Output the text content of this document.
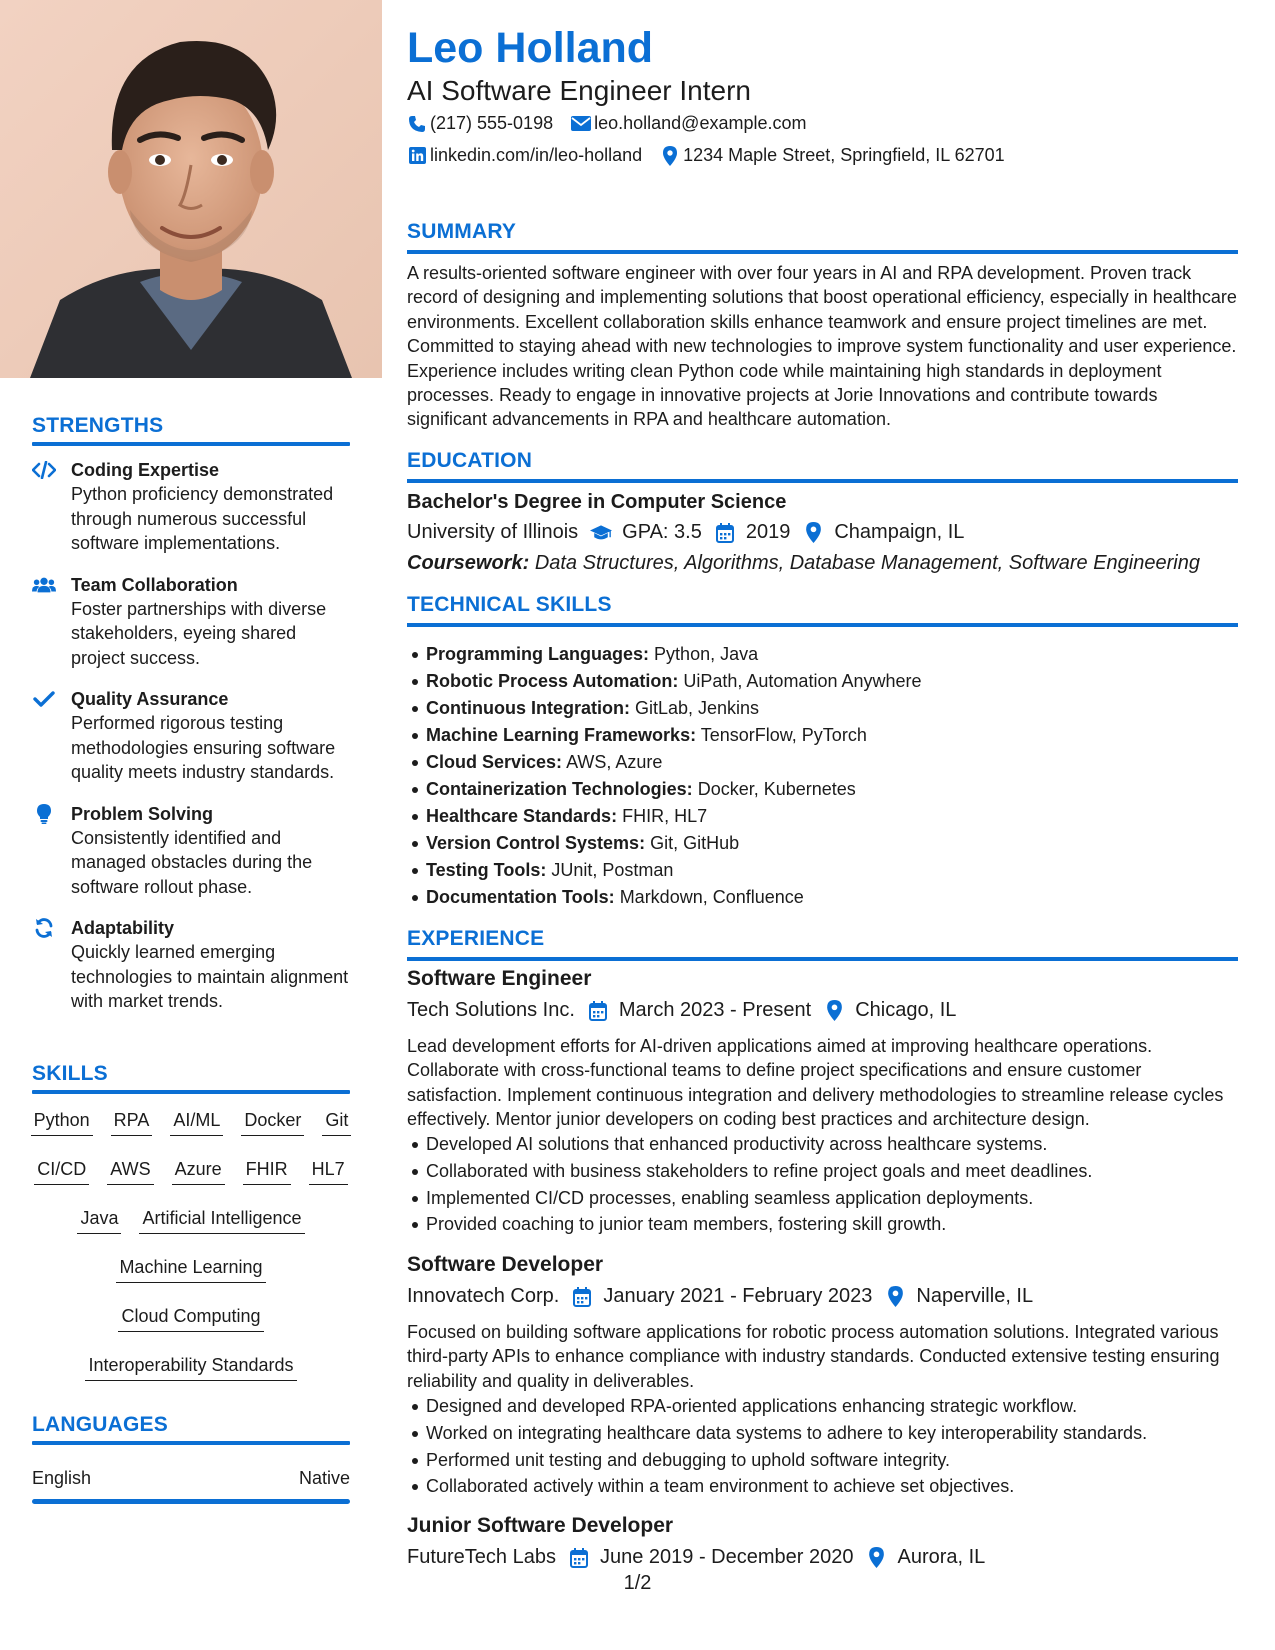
STRENGTHS
Coding Expertise
Python proficiency demonstrated through numerous successful software implementations.
Team Collaboration
Foster partnerships with diverse stakeholders, eyeing shared project success.
Quality Assurance
Performed rigorous testing methodologies ensuring software quality meets industry standards.
Problem Solving
Consistently identified and managed obstacles during the software rollout phase.
Adaptability
Quickly learned emerging technologies to maintain alignment with market trends.
SKILLS
Python RPA AI/ML Docker Git
CI/CD AWS Azure FHIR HL7
Java Artificial Intelligence
Machine Learning
Cloud Computing
Interoperability Standards
LANGUAGES
English	Native
Leo Holland
AI Software Engineer Intern
(217) 555-0198 leo.holland@example.com
linkedin.com/in/leo-holland 1234 Maple Street, Springfield, IL 62701
SUMMARY
A results-oriented software engineer with over four years in AI and RPA development. Proven track record of designing and implementing solutions that boost operational efficiency, especially in healthcare environments. Excellent collaboration skills enhance teamwork and ensure project timelines are met. Committed to staying ahead with new technologies to improve system functionality and user experience. Experience includes writing clean Python code while maintaining high standards in deployment processes. Ready to engage in innovative projects at Jorie Innovations and contribute towards significant advancements in RPA and healthcare automation.
EDUCATION
Bachelor's Degree in Computer Science
University of Illinois GPA: 3.5 2019 Champaign, IL
Coursework: Data Structures, Algorithms, Database Management, Software Engineering
TECHNICAL SKILLS
Programming Languages: Python, Java
Robotic Process Automation: UiPath, Automation Anywhere
Continuous Integration: GitLab, Jenkins
Machine Learning Frameworks: TensorFlow, PyTorch
Cloud Services: AWS, Azure
Containerization Technologies: Docker, Kubernetes
Healthcare Standards: FHIR, HL7
Version Control Systems: Git, GitHub
Testing Tools: JUnit, Postman
Documentation Tools: Markdown, Confluence
EXPERIENCE
Software Engineer
Tech Solutions Inc. March 2023 - Present Chicago, IL
Lead development efforts for AI-driven applications aimed at improving healthcare operations. Collaborate with cross-functional teams to define project specifications and ensure customer satisfaction. Implement continuous integration and delivery methodologies to streamline release cycles effectively. Mentor junior developers on coding best practices and architecture design.
Developed AI solutions that enhanced productivity across healthcare systems.
Collaborated with business stakeholders to refine project goals and meet deadlines.
Implemented CI/CD processes, enabling seamless application deployments.
Provided coaching to junior team members, fostering skill growth.
Software Developer
Innovatech Corp. January 2021 - February 2023 Naperville, IL
Focused on building software applications for robotic process automation solutions. Integrated various third-party APIs to enhance compliance with industry standards. Conducted extensive testing ensuring reliability and quality in deliverables.
Designed and developed RPA-oriented applications enhancing strategic workflow.
Worked on integrating healthcare data systems to adhere to key interoperability standards.
Performed unit testing and debugging to uphold software integrity.
Collaborated actively within a team environment to achieve set objectives.
Junior Software Developer
FutureTech Labs June 2019 - December 2020 Aurora, IL
1/2
